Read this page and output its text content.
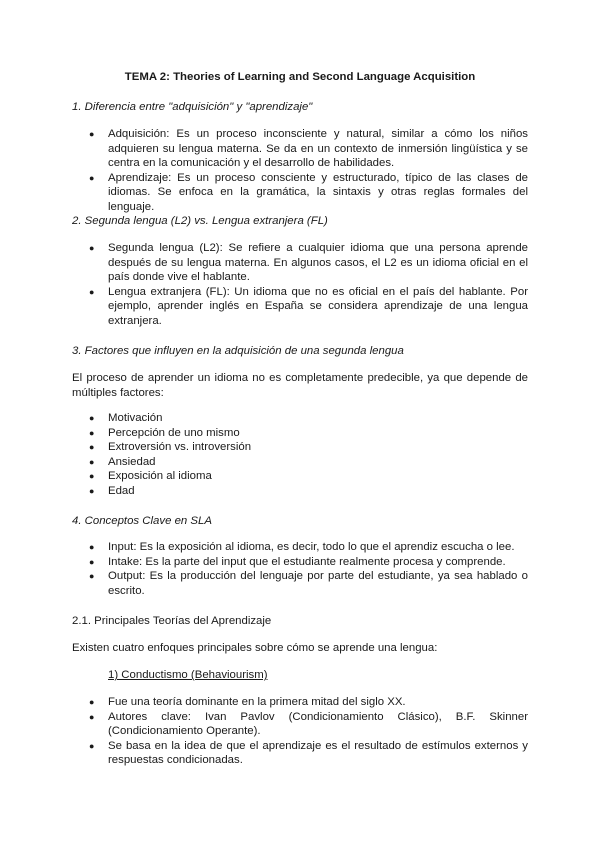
TEMA 2: Theories of Learning and Second Language Acquisition
1. Diferencia entre "adquisición" y "aprendizaje"
● Adquisición: Es un proceso inconsciente y natural, similar a cómo los niños adquieren su lengua materna. Se da en un contexto de inmersión lingüística y se centra en la comunicación y el desarrollo de habilidades.
● Aprendizaje: Es un proceso consciente y estructurado, típico de las clases de idiomas. Se enfoca en la gramática, la sintaxis y otras reglas formales del lenguaje.
2. Segunda lengua (L2) vs. Lengua extranjera (FL)
● Segunda lengua (L2): Se refiere a cualquier idioma que una persona aprende después de su lengua materna. En algunos casos, el L2 es un idioma oficial en el país donde vive el hablante.
● Lengua extranjera (FL): Un idioma que no es oficial en el país del hablante. Por ejemplo, aprender inglés en España se considera aprendizaje de una lengua extranjera.
3. Factores que influyen en la adquisición de una segunda lengua
El proceso de aprender un idioma no es completamente predecible, ya que depende de múltiples factores:
● Motivación
● Percepción de uno mismo
● Extroversión vs. introversión
● Ansiedad
● Exposición al idioma
● Edad
4. Conceptos Clave en SLA
● Input: Es la exposición al idioma, es decir, todo lo que el aprendiz escucha o lee.
● Intake: Es la parte del input que el estudiante realmente procesa y comprende.
● Output: Es la producción del lenguaje por parte del estudiante, ya sea hablado o escrito.
2.1. Principales Teorías del Aprendizaje
Existen cuatro enfoques principales sobre cómo se aprende una lengua:
1) Conductismo (Behaviourism)
● Fue una teoría dominante en la primera mitad del siglo XX.
● Autores clave: Ivan Pavlov (Condicionamiento Clásico), B.F. Skinner (Condicionamiento Operante).
● Se basa en la idea de que el aprendizaje es el resultado de estímulos externos y respuestas condicionadas.
